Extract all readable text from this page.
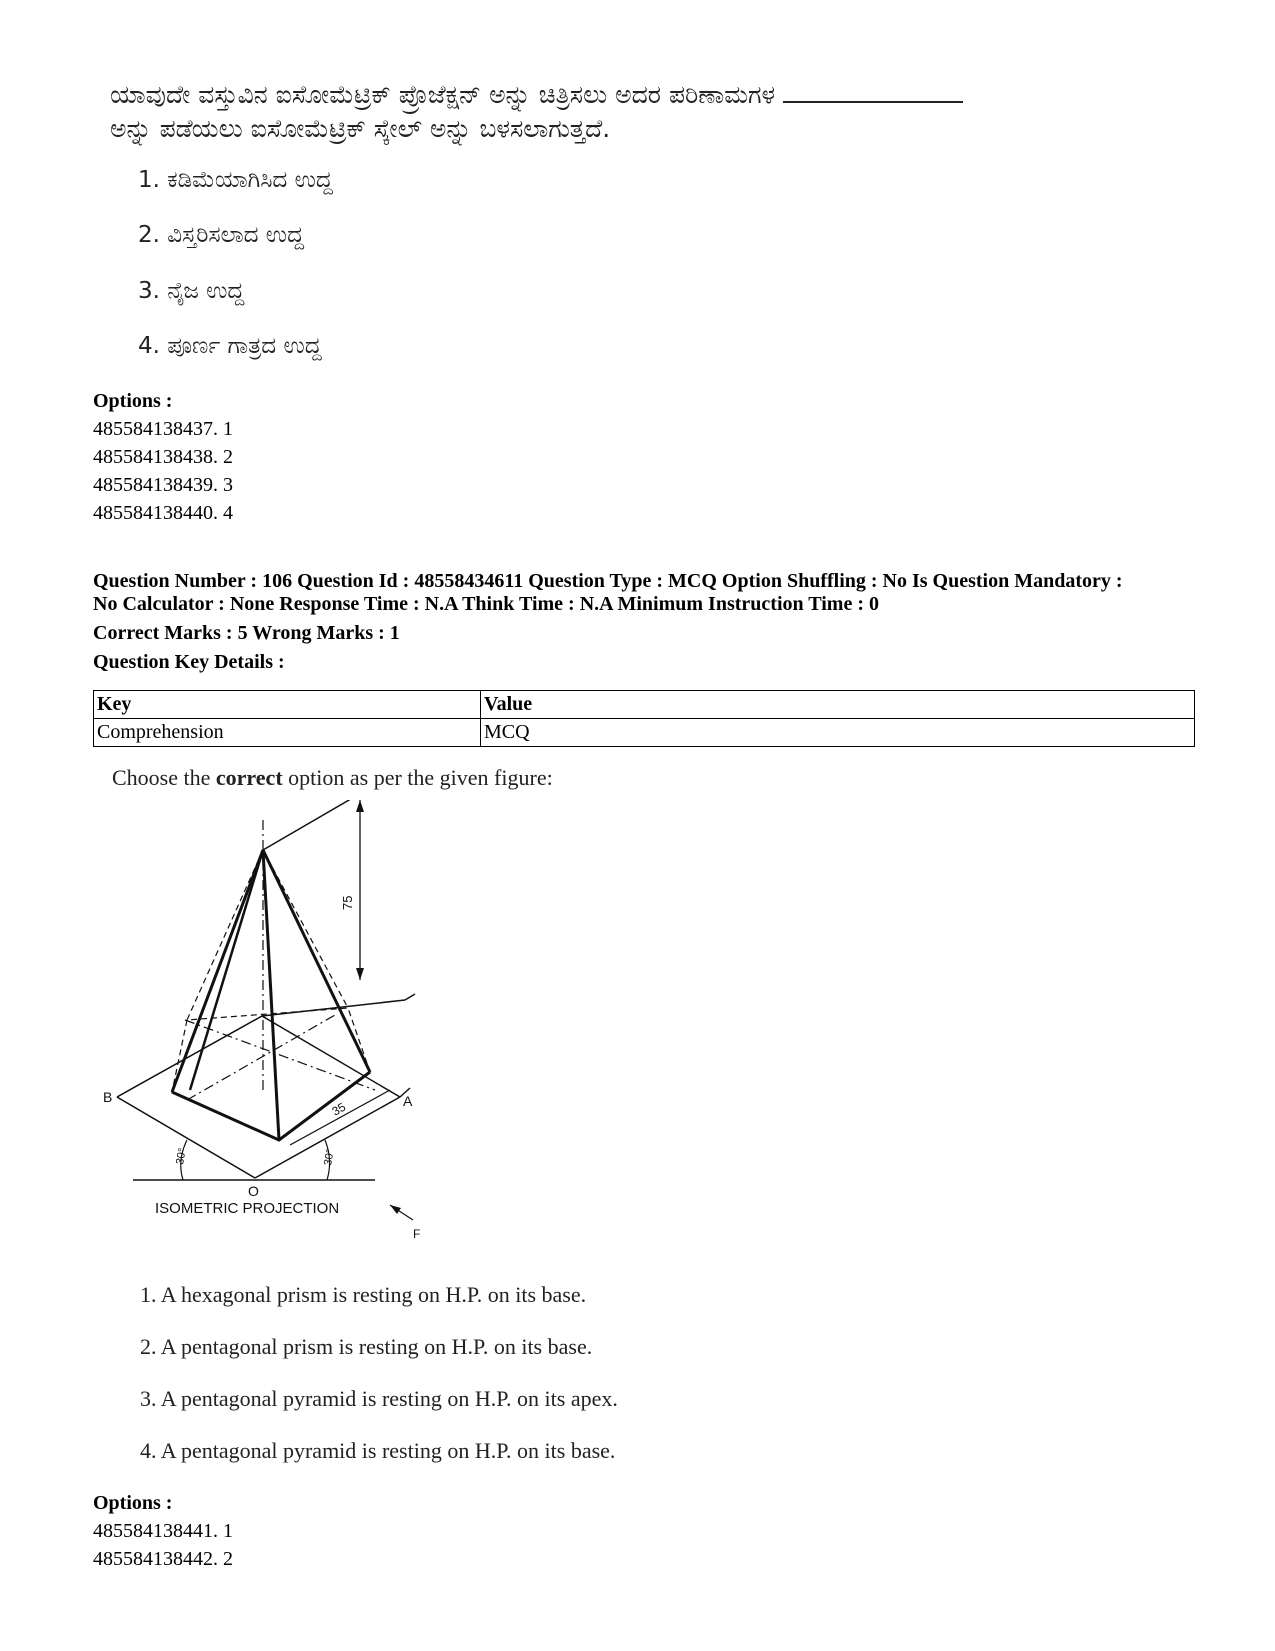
ಯಾವುದೇ ವಸ್ತುವಿನ ಐಸೋಮೆಟ್ರಿಕ್ ಪ್ರೊಜೆಕ್ಷನ್ ಅನ್ನು ಚಿತ್ರಿಸಲು ಅದರ ಪರಿಣಾಮಗಳ
ಅನ್ನು ಪಡೆಯಲು ಐಸೋಮೆಟ್ರಿಕ್ ಸ್ಕೇಲ್ ಅನ್ನು ಬಳಸಲಾಗುತ್ತದೆ.
1. ಕಡಿಮೆಯಾಗಿಸಿದ ಉದ್ದ
2. ವಿಸ್ತರಿಸಲಾದ ಉದ್ದ
3. ನೈಜ ಉದ್ದ
4. ಪೂರ್ಣ ಗಾತ್ರದ ಉದ್ದ
Options :
485584138437. 1
485584138438. 2
485584138439. 3
485584138440. 4
Question Number : 106 Question Id : 48558434611 Question Type : MCQ Option Shuffling : No Is Question Mandatory :
No Calculator : None Response Time : N.A Think Time : N.A Minimum Instruction Time : 0
Correct Marks : 5 Wrong Marks : 1
Question Key Details :
Key	Value
Comprehension	MCQ
Choose the correct option as per the given figure:
75
35
30°	30°
B	A
O
ISOMETRIC PROJECTION
F
1. A hexagonal prism is resting on H.P. on its base.
2. A pentagonal prism is resting on H.P. on its base.
3. A pentagonal pyramid is resting on H.P. on its apex.
4. A pentagonal pyramid is resting on H.P. on its base.
Options :
485584138441. 1
485584138442. 2
